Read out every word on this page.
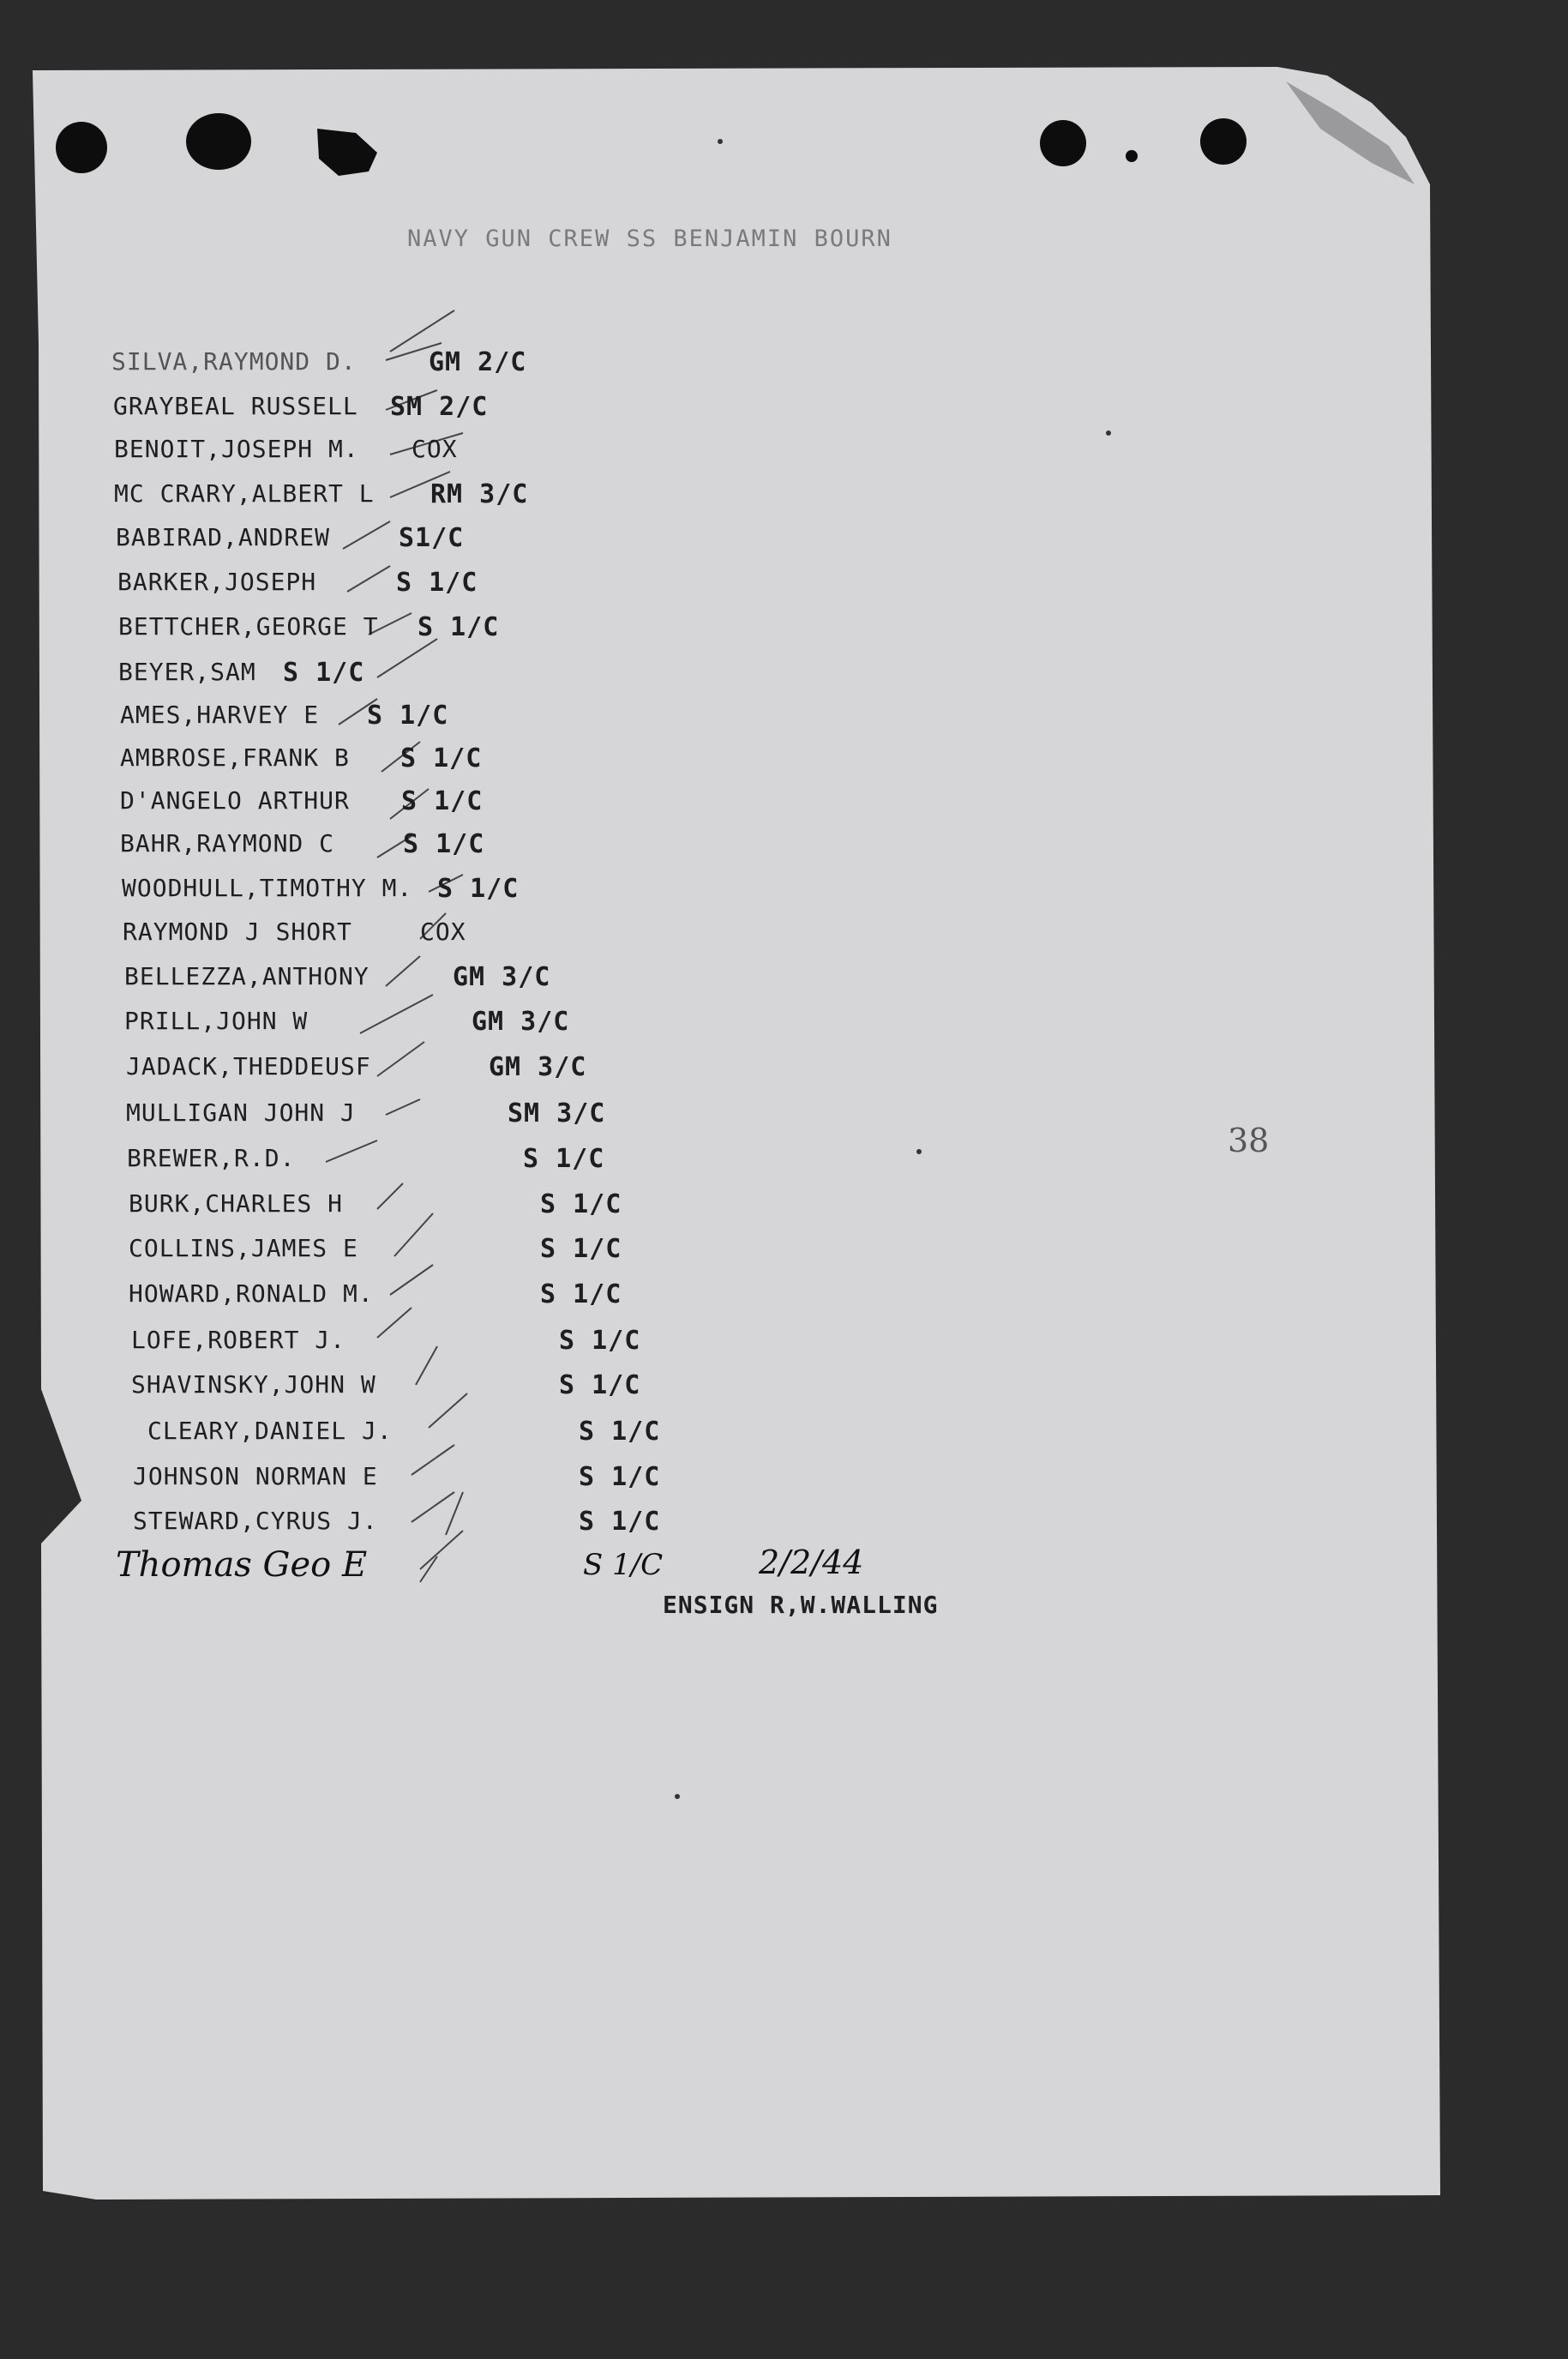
NAVY GUN CREW SS BENJAMIN BOURN
SILVA,RAYMOND D.	GM 2/C
GRAYBEAL RUSSELL SM 2/C
BENOIT,JOSEPH M. COX
MC CRARY,ALBERT L RM 3/C
BABIRAD,ANDREW	S1/C
BARKER,JOSEPH	S 1/C
BETTCHER,GEORGE T S 1/C
BEYER,SAM S 1/C
AMES,HARVEY E S 1/C
AMBROSE,FRANK B S 1/C
D'ANGELO ARTHUR S 1/C
BAHR,RAYMOND C	S 1/C
WOODHULL,TIMOTHY M. S 1/C
RAYMOND J SHORT	COX
BELLEZZA,ANTHONY	GM 3/C
PRILL,JOHN W	GM 3/C
JADACK,THEDDEUSF	GM 3/C
MULLIGAN JOHN J	SM 3/C
BREWER,R.D.	S 1/C
BURK,CHARLES H	S 1/C
COLLINS,JAMES E	S 1/C
HOWARD,RONALD M.	S 1/C
LOFE,ROBERT J.	S 1/C
SHAVINSKY,JOHN W	S 1/C
CLEARY,DANIEL J.	S 1/C
JOHNSON NORMAN E	S 1/C
STEWARD,CYRUS J.	S 1/C
Thomas Geo E	S 1/C	2/2/44
ENSIGN R,W.WALLING
38
